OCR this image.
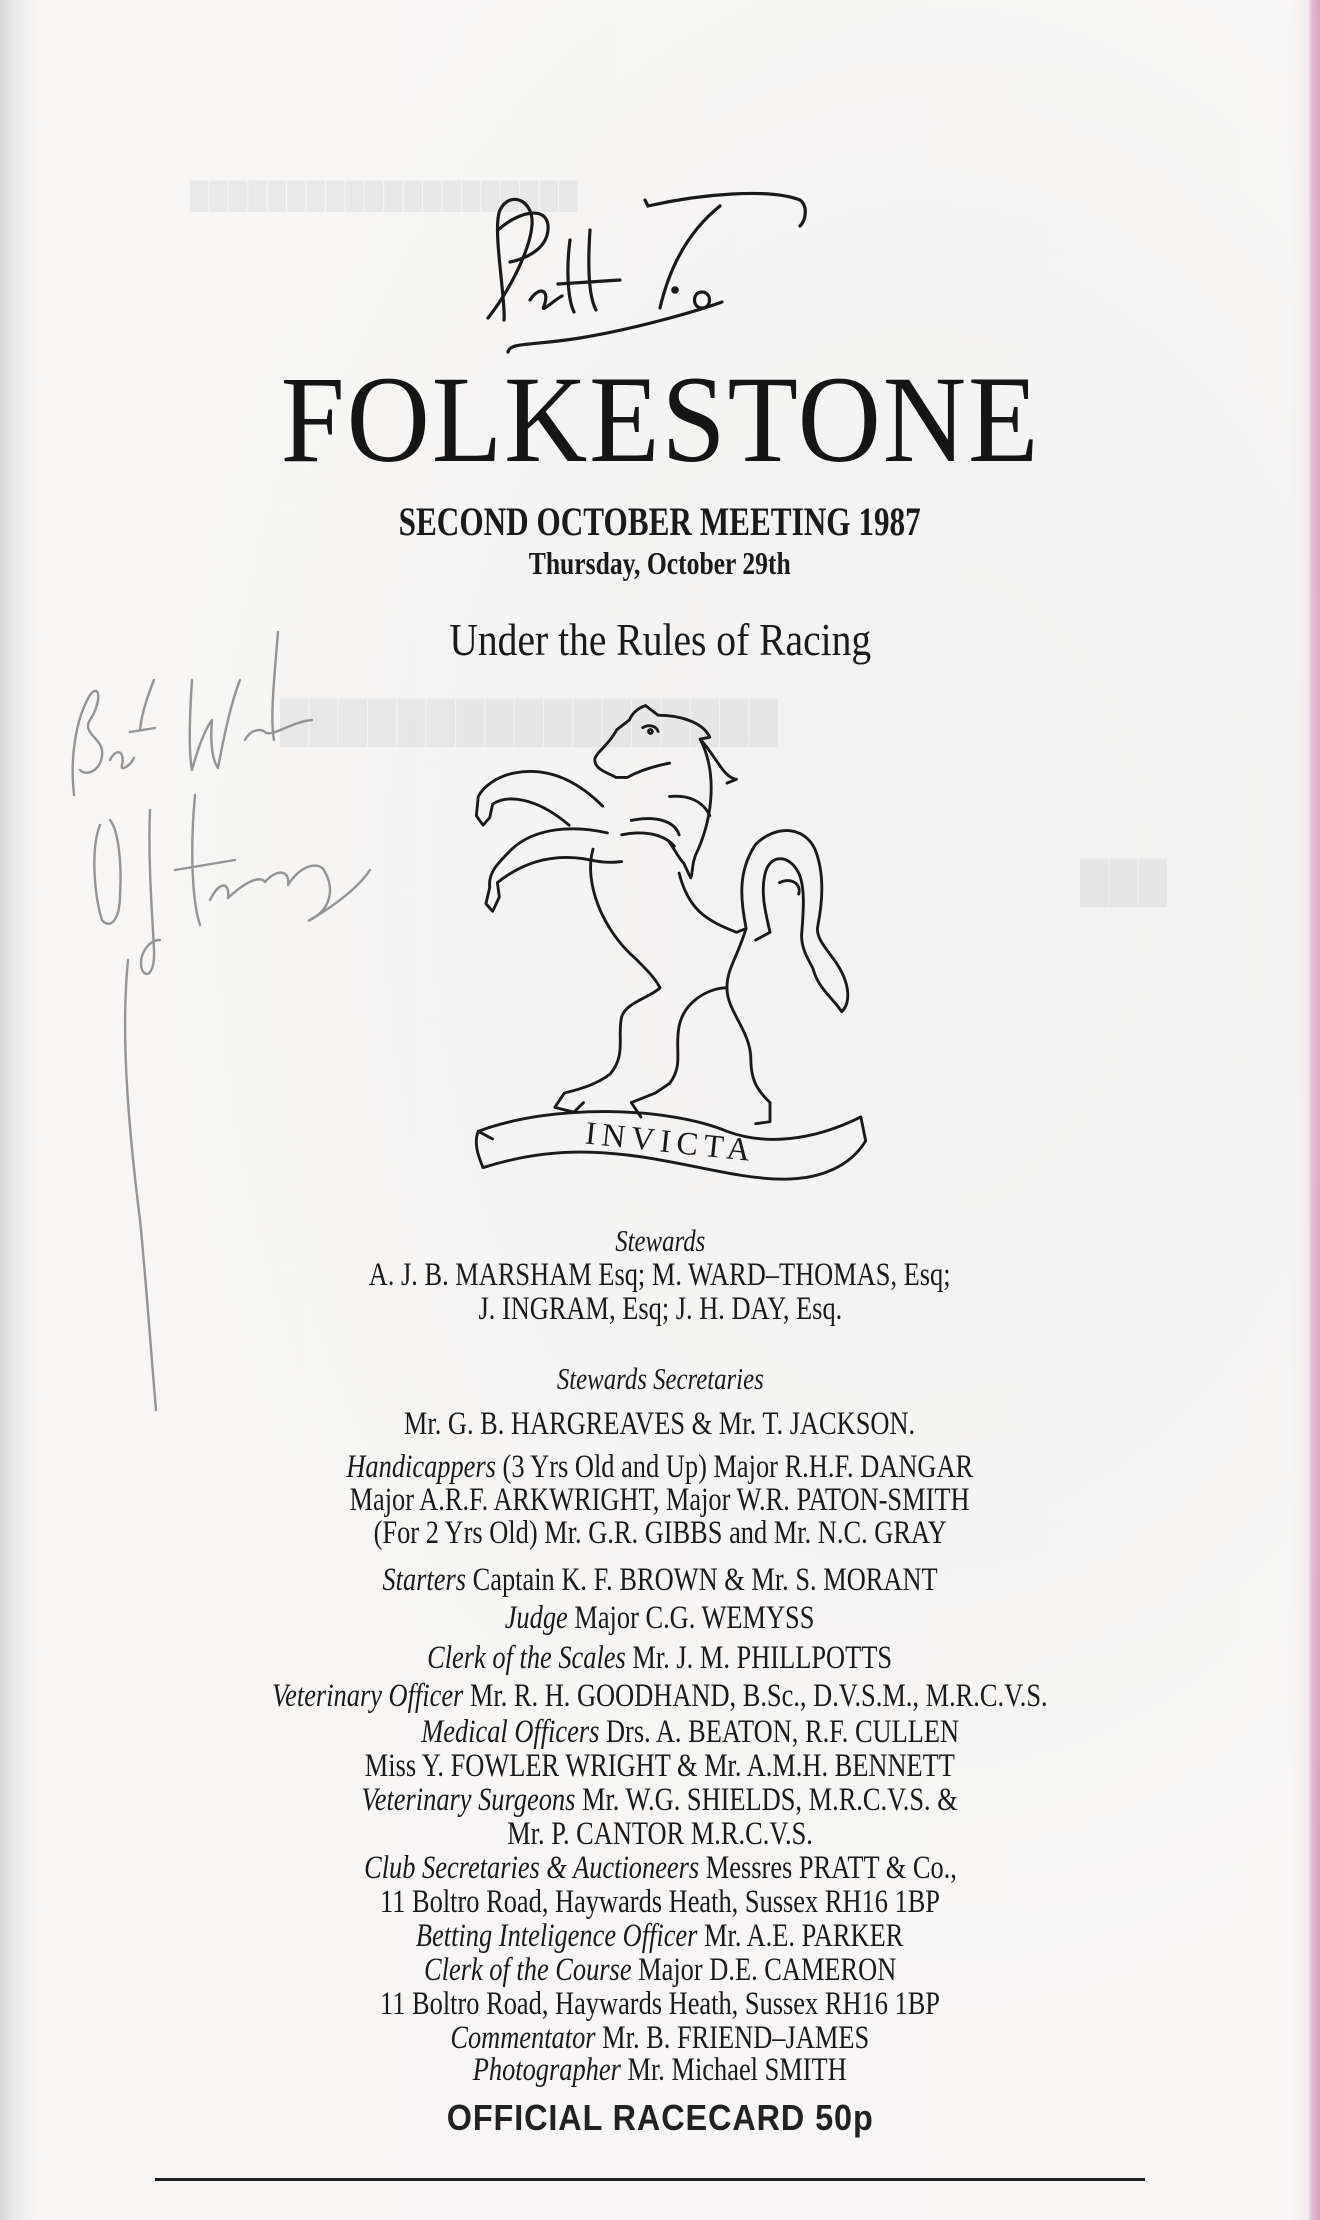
████████████████████
█████████████████
███
FOLKESTONE
SECOND OCTOBER MEETING 1987
Thursday, October 29th
Under the Rules of Racing
INVICTA
Stewards
A. J. B. MARSHAM Esq; M. WARD–THOMAS, Esq;
J. INGRAM, Esq; J. H. DAY, Esq.
Stewards Secretaries
Mr. G. B. HARGREAVES & Mr. T. JACKSON.
Handicappers (3 Yrs Old and Up) Major R.H.F. DANGAR
Major A.R.F. ARKWRIGHT, Major W.R. PATON-SMITH
(For 2 Yrs Old) Mr. G.R. GIBBS and Mr. N.C. GRAY
Starters Captain K. F. BROWN & Mr. S. MORANT
Judge Major C.G. WEMYSS
Clerk of the Scales Mr. J. M. PHILLPOTTS
Veterinary Officer Mr. R. H. GOODHAND, B.Sc., D.V.S.M., M.R.C.V.S.
Medical Officers Drs. A. BEATON, R.F. CULLEN
Miss Y. FOWLER WRIGHT & Mr. A.M.H. BENNETT
Veterinary Surgeons Mr. W.G. SHIELDS, M.R.C.V.S. &
Mr. P. CANTOR M.R.C.V.S.
Club Secretaries & Auctioneers Messres PRATT & Co.,
11 Boltro Road, Haywards Heath, Sussex RH16 1BP
Betting Inteligence Officer Mr. A.E. PARKER
Clerk of the Course Major D.E. CAMERON
11 Boltro Road, Haywards Heath, Sussex RH16 1BP
Commentator Mr. B. FRIEND–JAMES
Photographer Mr. Michael SMITH
OFFICIAL RACECARD 50p
